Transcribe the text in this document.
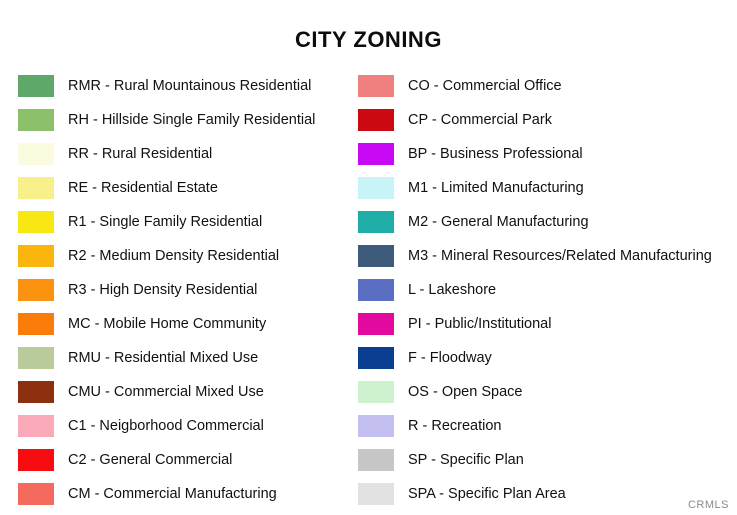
CITY ZONING
RMR - Rural Mountainous Residential
RH - Hillside Single Family Residential
RR - Rural Residential
RE - Residential Estate
R1 - Single Family Residential
R2 - Medium Density Residential
R3 - High Density Residential
MC - Mobile Home Community
RMU - Residential Mixed Use
CMU - Commercial Mixed Use
C1 - Neigborhood Commercial
C2 - General Commercial
CM - Commercial Manufacturing
CO - Commercial Office
CP - Commercial Park
BP - Business Professional
M1 - Limited Manufacturing
M2 - General Manufacturing
M3 - Mineral Resources/Related Manufacturing
L - Lakeshore
PI - Public/Institutional
F - Floodway
OS - Open Space
R - Recreation
SP - Specific Plan
SPA - Specific Plan Area
CRMLS
